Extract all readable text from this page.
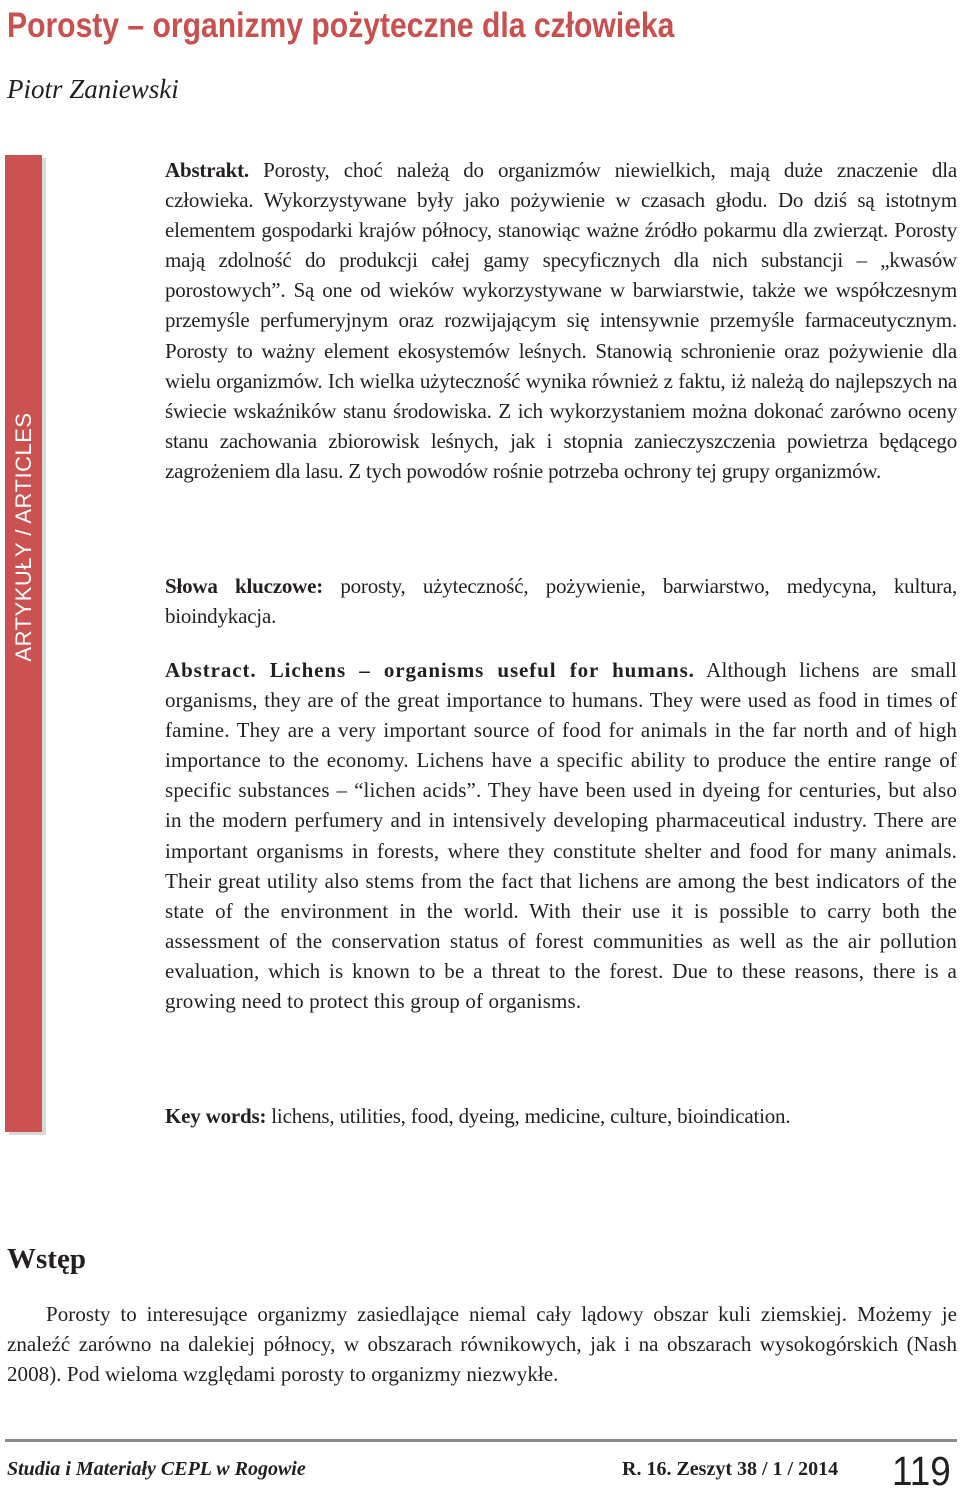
Porosty – organizmy pożyteczne dla człowieka
Piotr Zaniewski
ARTYKUŁY / ARTICLES

Abstrakt. Porosty, choć należą do organizmów niewielkich, mają duże znaczenie dla człowieka. Wykorzystywane były jako pożywienie w czasach głodu. Do dziś są istotnym elementem gospodarki krajów północy, stanowiąc ważne źródło pokarmu dla zwierząt. Porosty mają zdolność do produkcji całej gamy specyficznych dla nich substancji – „kwasów porostowych”. Są one od wieków wykorzystywane w barwiarstwie, także we współczesnym przemyśle perfumeryjnym oraz rozwijającym się intensywnie przemyśle farmaceutycznym. Porosty to ważny element ekosystemów leśnych. Stanowią schronienie oraz pożywienie dla wielu organizmów. Ich wielka użyteczność wynika również z faktu, iż należą do najlepszych na świecie wskaźników stanu środowiska. Z ich wykorzystaniem można dokonać zarówno oceny stanu zachowania zbiorowisk leśnych, jak i stopnia zanieczyszczenia powietrza będącego zagrożeniem dla lasu. Z tych powodów rośnie potrzeba ochrony tej grupy organizmów.

Słowa kluczowe: porosty, użyteczność, pożywienie, barwiarstwo, medycyna, kultura, bioindykacja.

Abstract. Lichens – organisms useful for humans. Although lichens are small organisms, they are of the great importance to humans. They were used as food in times of famine. They are a very important source of food for animals in the far north and of high importance to the economy. Lichens have a specific ability to produce the entire range of specific substances – “lichen acids”. They have been used in dyeing for centuries, but also in the modern perfumery and in intensively developing pharmaceutical industry. There are important organisms in forests, where they constitute shelter and food for many animals. Their great utility also stems from the fact that lichens are among the best indicators of the state of the environment in the world. With their use it is possible to carry both the assessment of the conservation status of forest communities as well as the air pollution evaluation, which is known to be a threat to the forest. Due to these reasons, there is a growing need to protect this group of organisms.

Key words: lichens, utilities, food, dyeing, medicine, culture, bioindication.

Wstęp

Porosty to interesujące organizmy zasiedlające niemal cały lądowy obszar kuli ziemskiej. Możemy je znaleźć zarówno na dalekiej północy, w obszarach równikowych, jak i na obszarach wysokogórskich (Nash 2008). Pod wieloma względami porosty to organizmy niezwykłe.

Studia i Materiały CEPL w Rogowie	R. 16. Zeszyt 38 / 1 / 2014 119
